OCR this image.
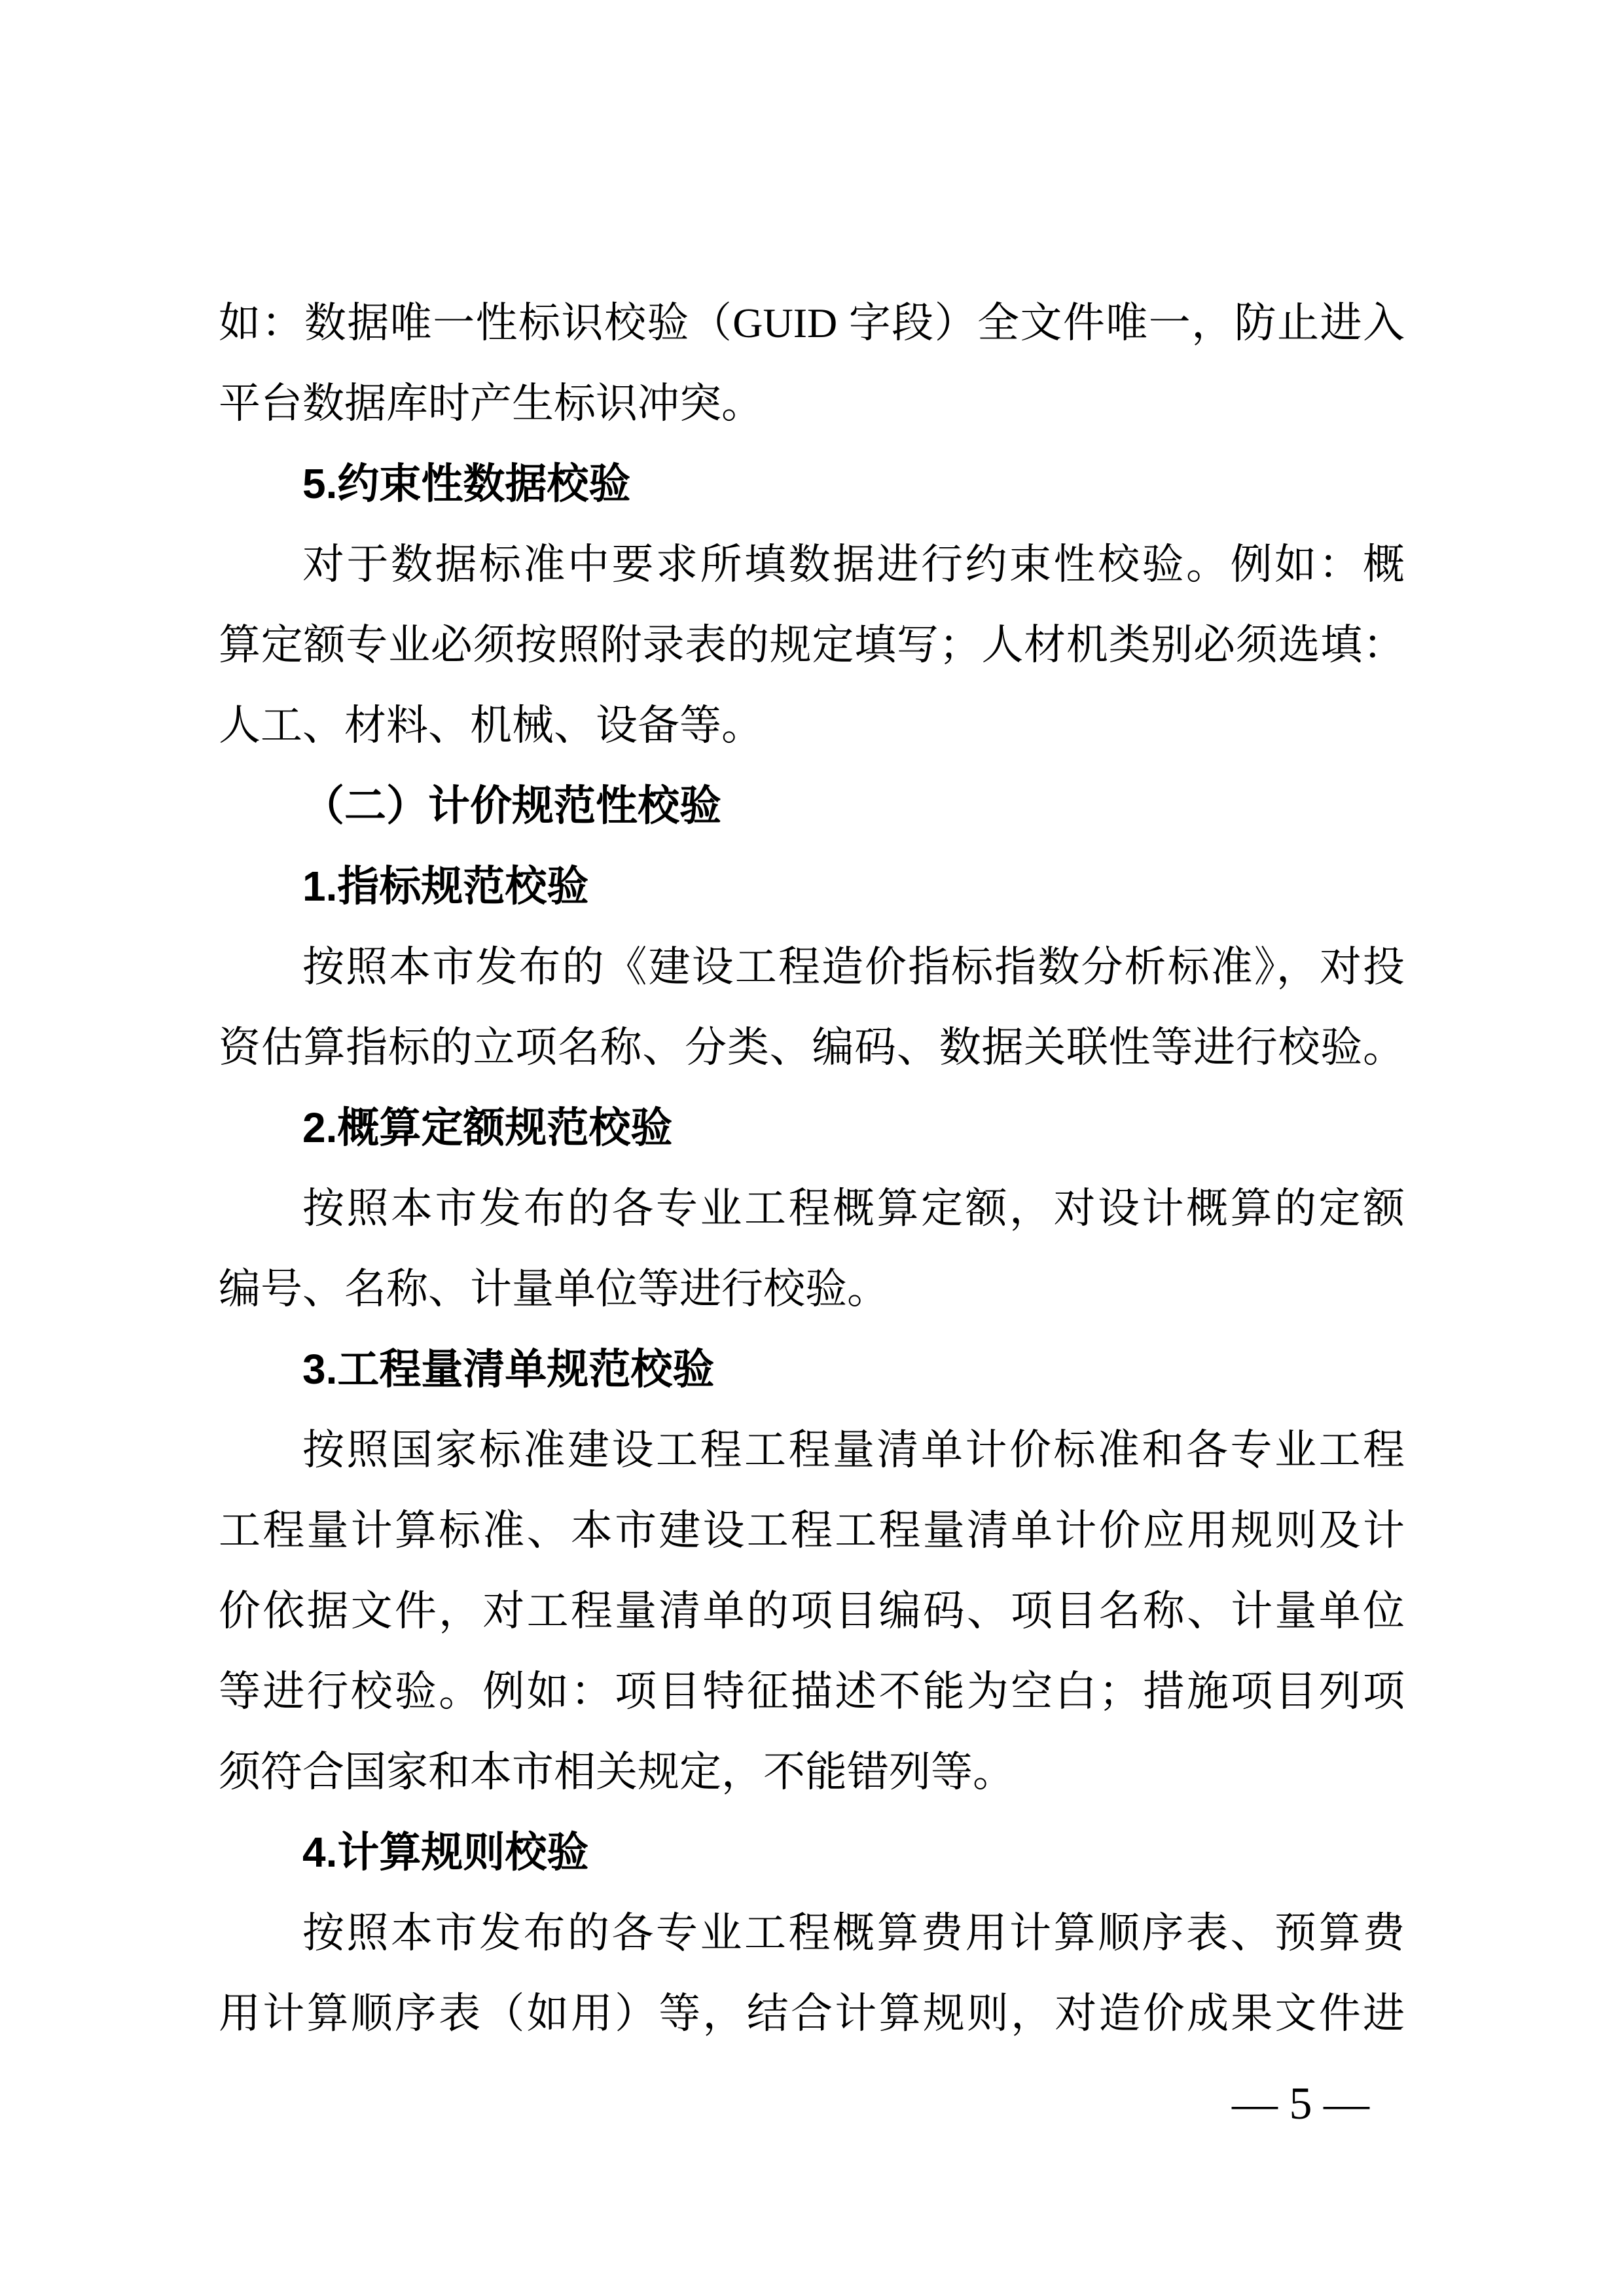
如：数据唯一性标识校验（GUID 字段）全文件唯一，防止进入
平台数据库时产生标识冲突。
5.约束性数据校验
对于数据标准中要求所填数据进行约束性校验。例如：概
算定额专业必须按照附录表的规定填写；人材机类别必须选填：
人工、材料、机械、设备等。
（二）计价规范性校验
1.指标规范校验
按照本市发布的《建设工程造价指标指数分析标准》，对投
资估算指标的立项名称、分类、编码、数据关联性等进行校验。
2.概算定额规范校验
按照本市发布的各专业工程概算定额，对设计概算的定额
编号、名称、计量单位等进行校验。
3.工程量清单规范校验
按照国家标准建设工程工程量清单计价标准和各专业工程
工程量计算标准、本市建设工程工程量清单计价应用规则及计
价依据文件，对工程量清单的项目编码、项目名称、计量单位
等进行校验。例如：项目特征描述不能为空白；措施项目列项
须符合国家和本市相关规定，不能错列等。
4.计算规则校验
按照本市发布的各专业工程概算费用计算顺序表、预算费
用计算顺序表（如用）等，结合计算规则，对造价成果文件进
— 5 —
